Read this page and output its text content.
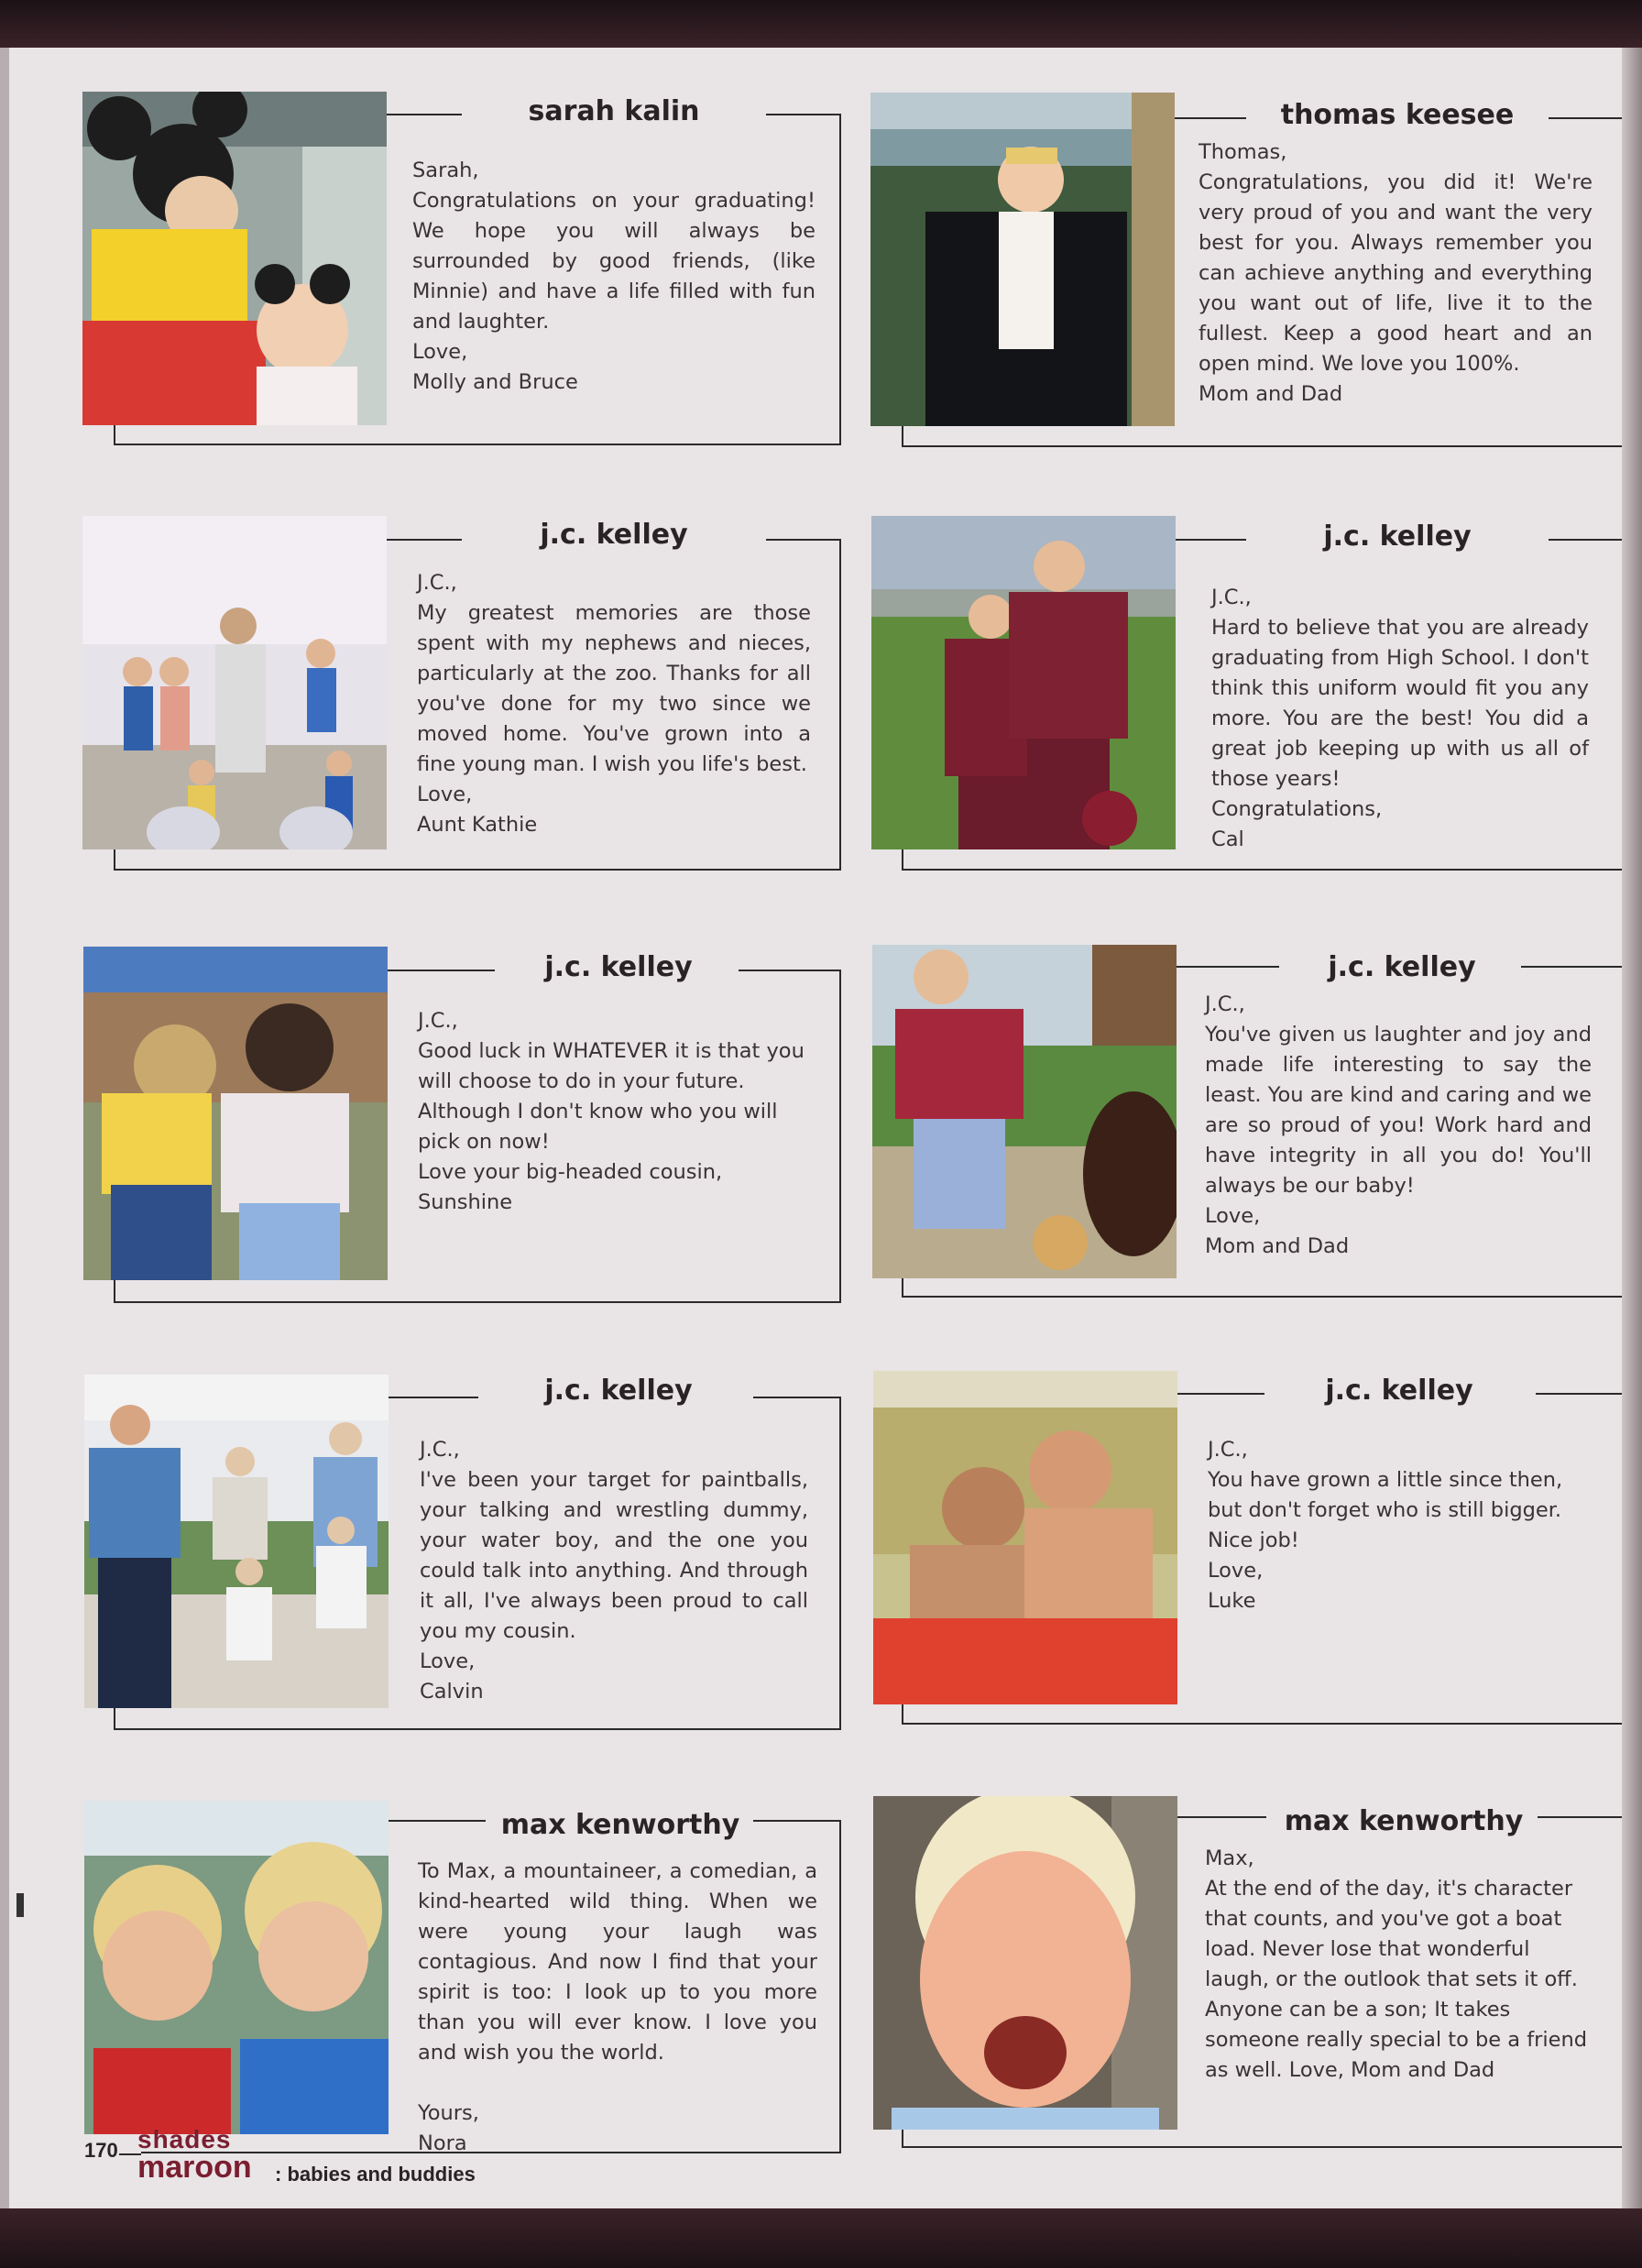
sarah kalin
Sarah,
Congratulations on your graduating! We hope you will always be surrounded by good friends, (like Minnie) and have a life filled with fun and laughter.
Love,
Molly and Bruce
thomas keesee
Thomas,
Congratulations, you did it! We're very proud of you and want the very best for you. Always remember you can achieve anything and everything you want out of life, live it to the fullest. Keep a good heart and an open mind. We love you 100%.
Mom and Dad
j.c. kelley
J.C.,
My greatest memories are those spent with my nephews and nieces, particularly at the zoo. Thanks for all you've done for my two since we moved home. You've grown into a fine young man. I wish you life's best.
Love,
Aunt Kathie
j.c. kelley
J.C.,
Hard to believe that you are already graduating from High School. I don't think this uniform would fit you any more. You are the best! You did a great job keeping up with us all of those years!
Congratulations,
Cal
j.c. kelley
J.C.,
Good luck in WHATEVER it is that you will choose to do in your future. Although I don't know who you will pick on now!
Love your big-headed cousin,
Sunshine
j.c. kelley
J.C.,
You've given us laughter and joy and made life interesting to say the least. You are kind and caring and we are so proud of you! Work hard and have integrity in all you do! You'll always be our baby!
Love,
Mom and Dad
j.c. kelley
J.C.,
I've been your target for paintballs, your talking and wrestling dummy, your water boy, and the one you could talk into anything. And through it all, I've always been proud to call you my cousin.
Love,
Calvin
j.c. kelley
J.C.,
You have grown a little since then, but don't forget who is still bigger. Nice job!
Love,
Luke
max kenworthy
To Max, a mountaineer, a comedian, a kind-hearted wild thing. When we were young your laugh was contagious. And now I find that your spirit is too: I look up to you more than you will ever know. I love you and wish you the world.

Yours,
Nora
max kenworthy
Max,
At the end of the day, it's character that counts, and you've got a boat load. Never lose that wonderful laugh, or the outlook that sets it off. Anyone can be a son; It takes someone really special to be a friend as well. Love, Mom and Dad
170 shades
maroon : babies and buddies
